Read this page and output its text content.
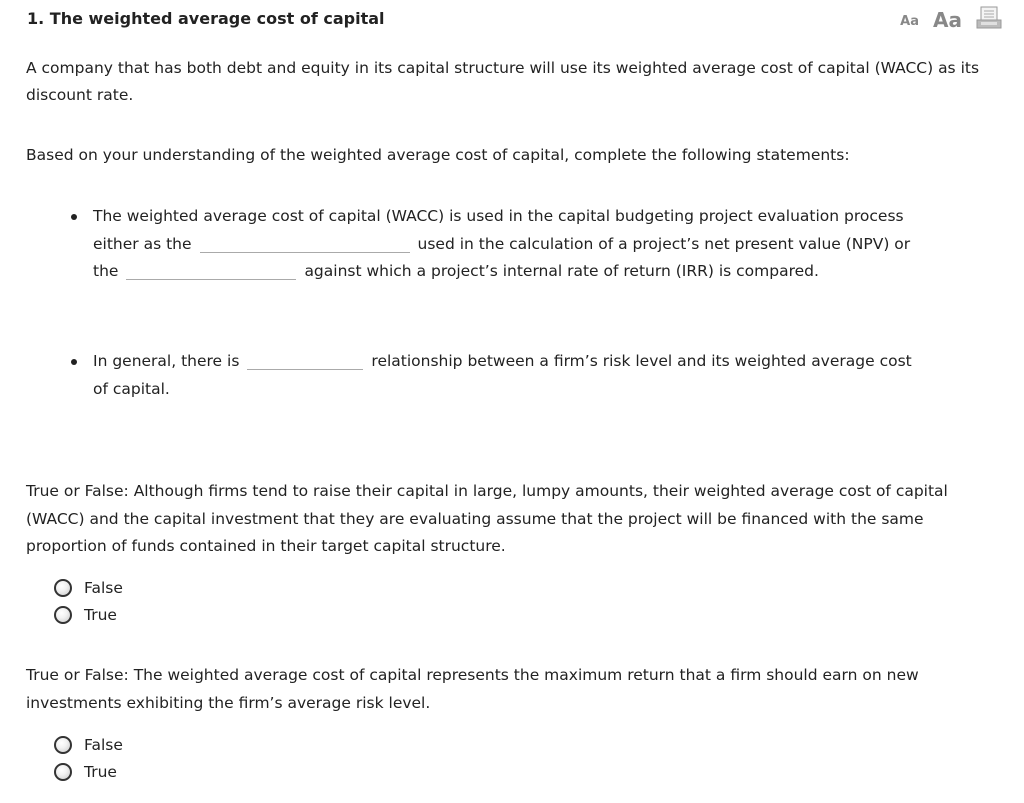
1. The weighted average cost of capital	Aa Aa
A company that has both debt and equity in its capital structure will use its weighted average cost of capital (WACC) as its discount rate.
Based on your understanding of the weighted average cost of capital, complete the following statements:
The weighted average cost of capital (WACC) is used in the capital budgeting project evaluation process either as the	used in the calculation of a project’s net present value (NPV) or the	against which a project’s internal rate of return (IRR) is compared.
In general, there is	relationship between a firm’s risk level and its weighted average cost of capital.
True or False: Although firms tend to raise their capital in large, lumpy amounts, their weighted average cost of capital (WACC) and the capital investment that they are evaluating assume that the project will be financed with the same proportion of funds contained in their target capital structure.
False
True
True or False: The weighted average cost of capital represents the maximum return that a firm should earn on new investments exhibiting the firm’s average risk level.
False
True
